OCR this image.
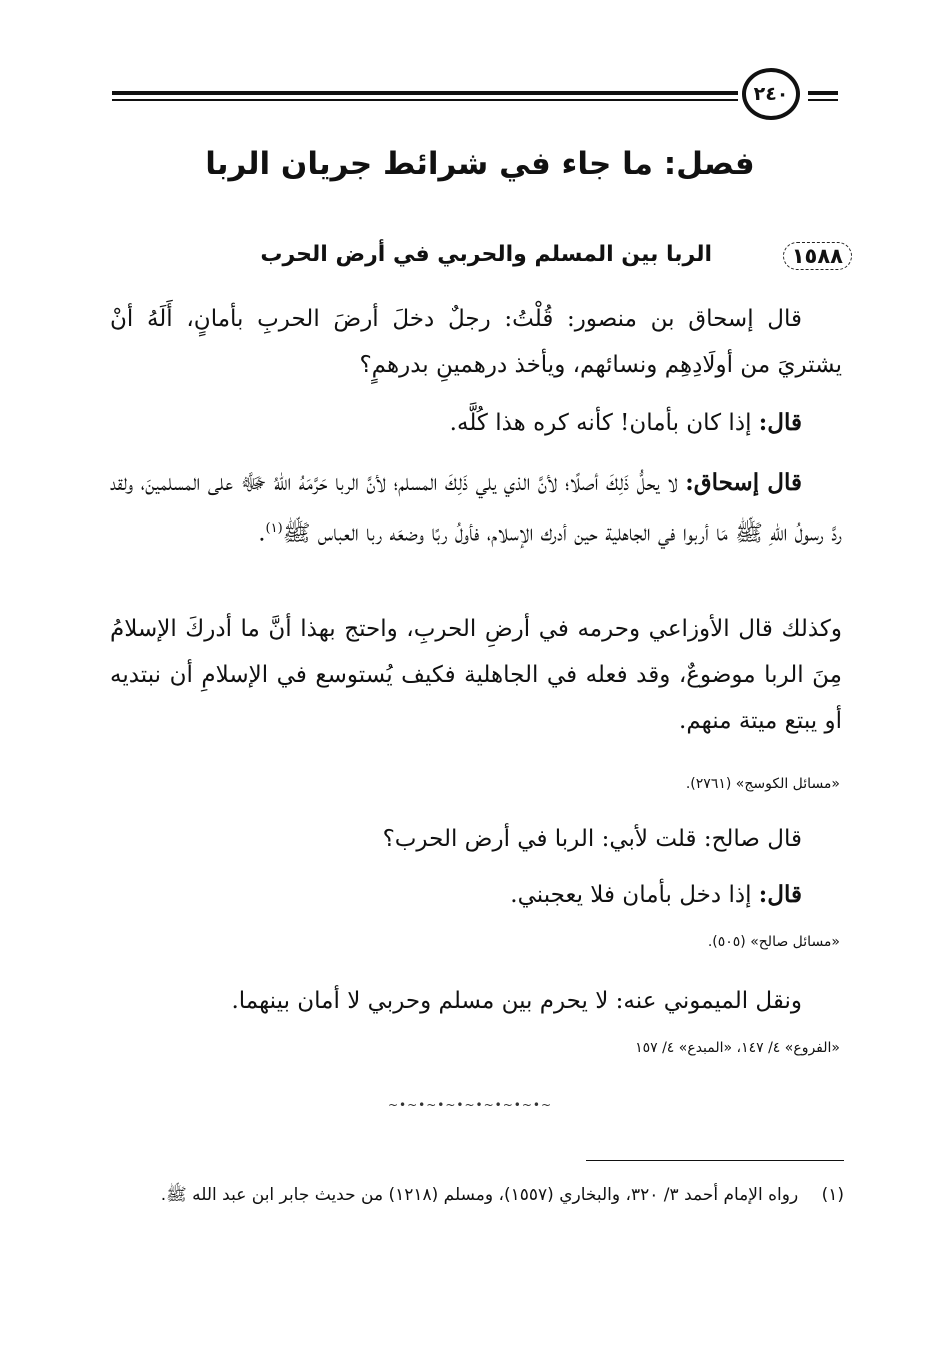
٢٤٠
فصل: ما جاء في شرائط جريان الربا
١٥٨٨
الربا بين المسلم والحربي في أرض الحرب
قال إسحاق بن منصور: قُلْتُ: رجلٌ دخلَ أرضَ الحربِ بأمانٍ، أَلَهُ أنْ يشتريَ من أولَادِهِم ونسائهم، ويأخذ درهمينِ بدرهمٍ؟
قال: إذا كان بأمان! كأنه كره هذا كُلَّه.
قال إسحاق: لا يحلُّ ذَلِكَ أصلًا؛ لأنَّ الذي يلي ذَلِكَ المسلم؛ لأنَّ الربا حَرَّمَهُ اللهُ ﷻ على المسلمينَ، ولقد ردَّ رسولُ اللهِ ﷺ مَا أربوا في الجاهلية حين أدرك الإسلام، فأولُ ربًا وضعَه ربا العباس ﷺ$^{(١)}$.
وكذلك قال الأوزاعي وحرمه في أرضِ الحربِ، واحتج بهذا أنَّ ما أدركَ الإسلامُ مِنَ الربا موضوعٌ، وقد فعله في الجاهلية فكيف يُستوسع في الإسلامِ أن نبتديه أو يبتع ميتة منهم.
«مسائل الكوسج» (٢٧٦١).
قال صالح: قلت لأبي: الربا في أرض الحرب؟
قال: إذا دخل بأمان فلا يعجبني.
«مسائل صالح» (٥٠٥).
ونقل الميموني عنه: لا يحرم بين مسلم وحربي لا أمان بينهما.
«الفروع» ٤/ ١٤٧، «المبدع» ٤/ ١٥٧
~•~•~•~•~•~•~•~•~
(١) رواه الإمام أحمد ٣/ ٣٢٠، والبخاري (١٥٥٧)، ومسلم (١٢١٨) من حديث جابر ابن عبد الله ﷺ.
